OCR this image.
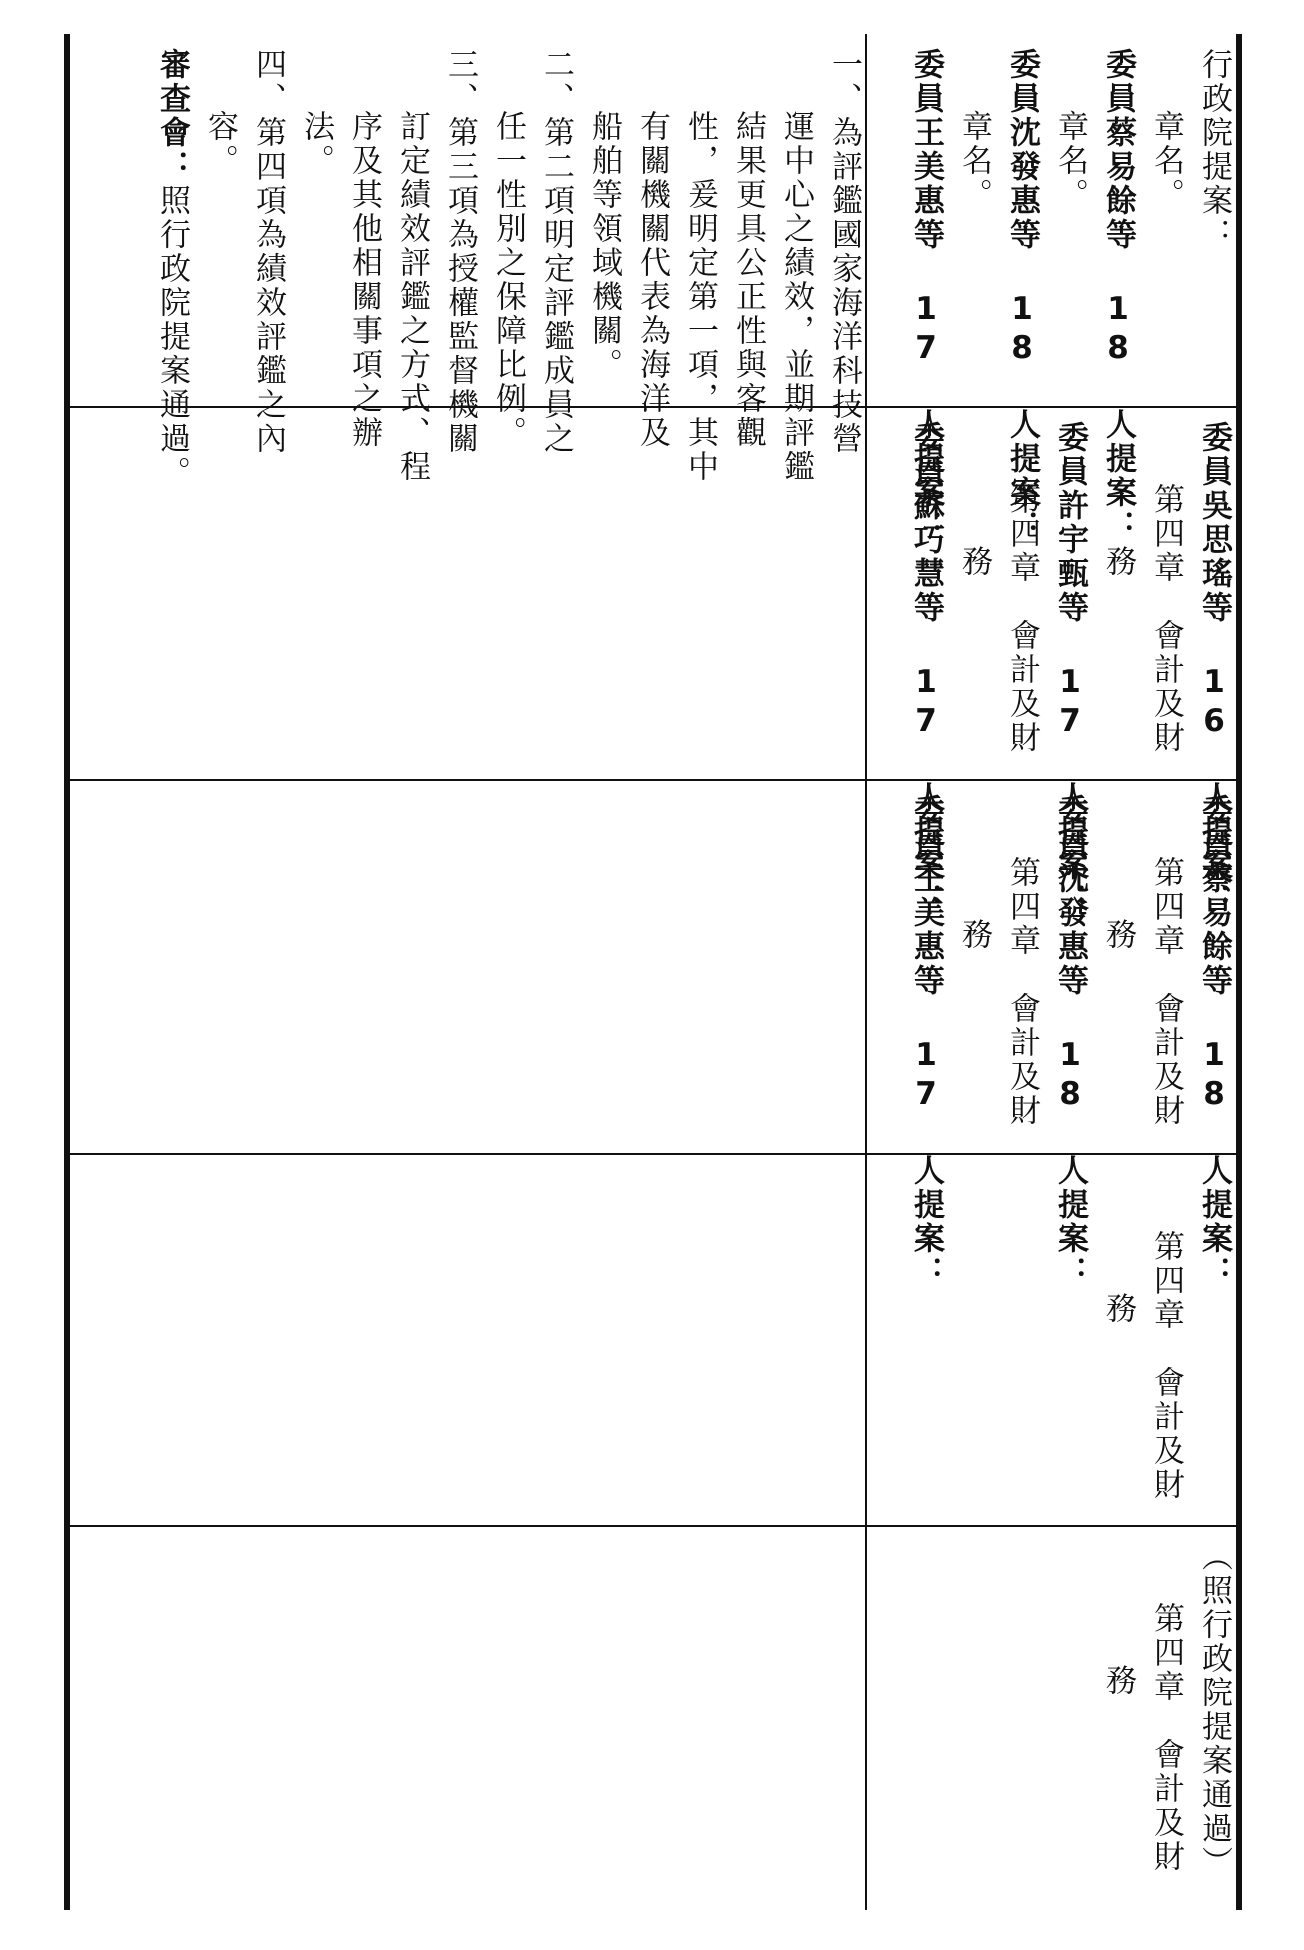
行政院提案：
章名。
委員蔡易餘等 18 人提案：
章名。
委員沈發惠等 18 人提案：
章名。
委員王美惠等 17 人提案：
一、為評鑑國家海洋科技營
運中心之績效，並期評鑑
結果更具公正性與客觀
性，爰明定第一項，其中
有關機關代表為海洋及
船舶等領域機關。
二、第二項明定評鑑成員之
任一性別之保障比例。
三、第三項為授權監督機關
訂定績效評鑑之方式、程
序及其他相關事項之辦
法。
四、第四項為績效評鑑之內
容。
審查會：照行政院提案通過。
委員吳思瑤等 16 人提案：
第四章　會計及財
務
委員許宇甄等 17 人提案：
第四章　會計及財
務
委員蘇巧慧等 17 人提案：
委員蔡易餘等 18 人提案：
第四章　會計及財
務
委員沈發惠等 18 人提案：
第四章　會計及財
務
委員王美惠等 17 人提案：
第四章　會計及財
務
（照行政院提案通過）
第四章　會計及財
務
